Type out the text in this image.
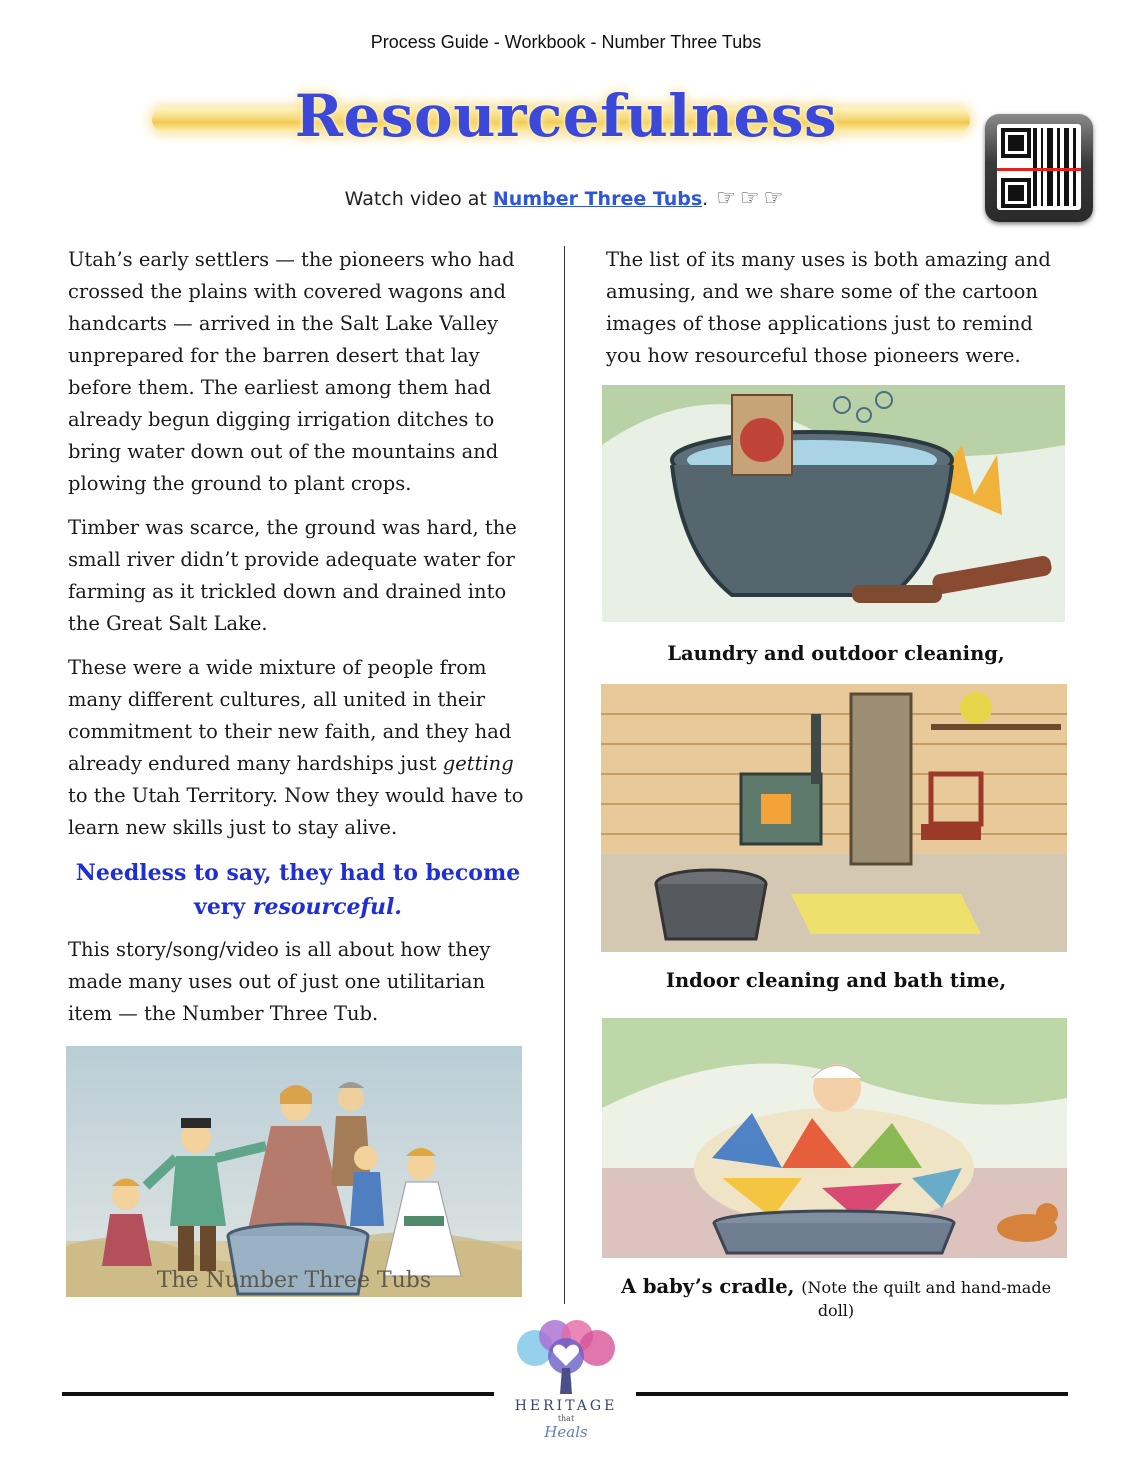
Process Guide - Workbook - Number Three Tubs
Resourcefulness
Watch video at Number Three Tubs. ☞☞☞

Utah’s early settlers — the pioneers who had crossed the plains with covered wagons and handcarts — arrived in the Salt Lake Valley unprepared for the barren desert that lay before them. The earliest among them had already begun digging irrigation ditches to bring water down out of the mountains and plowing the ground to plant crops.

Timber was scarce, the ground was hard, the small river didn’t provide adequate water for farming as it trickled down and drained into the Great Salt Lake.

These were a wide mixture of people from many different cultures, all united in their commitment to their new faith, and they had already endured many hardships just getting to the Utah Territory. Now they would have to learn new skills just to stay alive.

Needless to say, they had to become very resourceful.

This story/song/video is all about how they made many uses out of just one utilitarian item — the Number Three Tub.

The Number Three Tubs

The list of its many uses is both amazing and amusing, and we share some of the cartoon images of those applications just to remind you how resourceful those pioneers were.

Laundry and outdoor cleaning,
Indoor cleaning and bath time,
A baby’s cradle, (Note the quilt and hand-made doll)
HERITAGE
that
Heals
